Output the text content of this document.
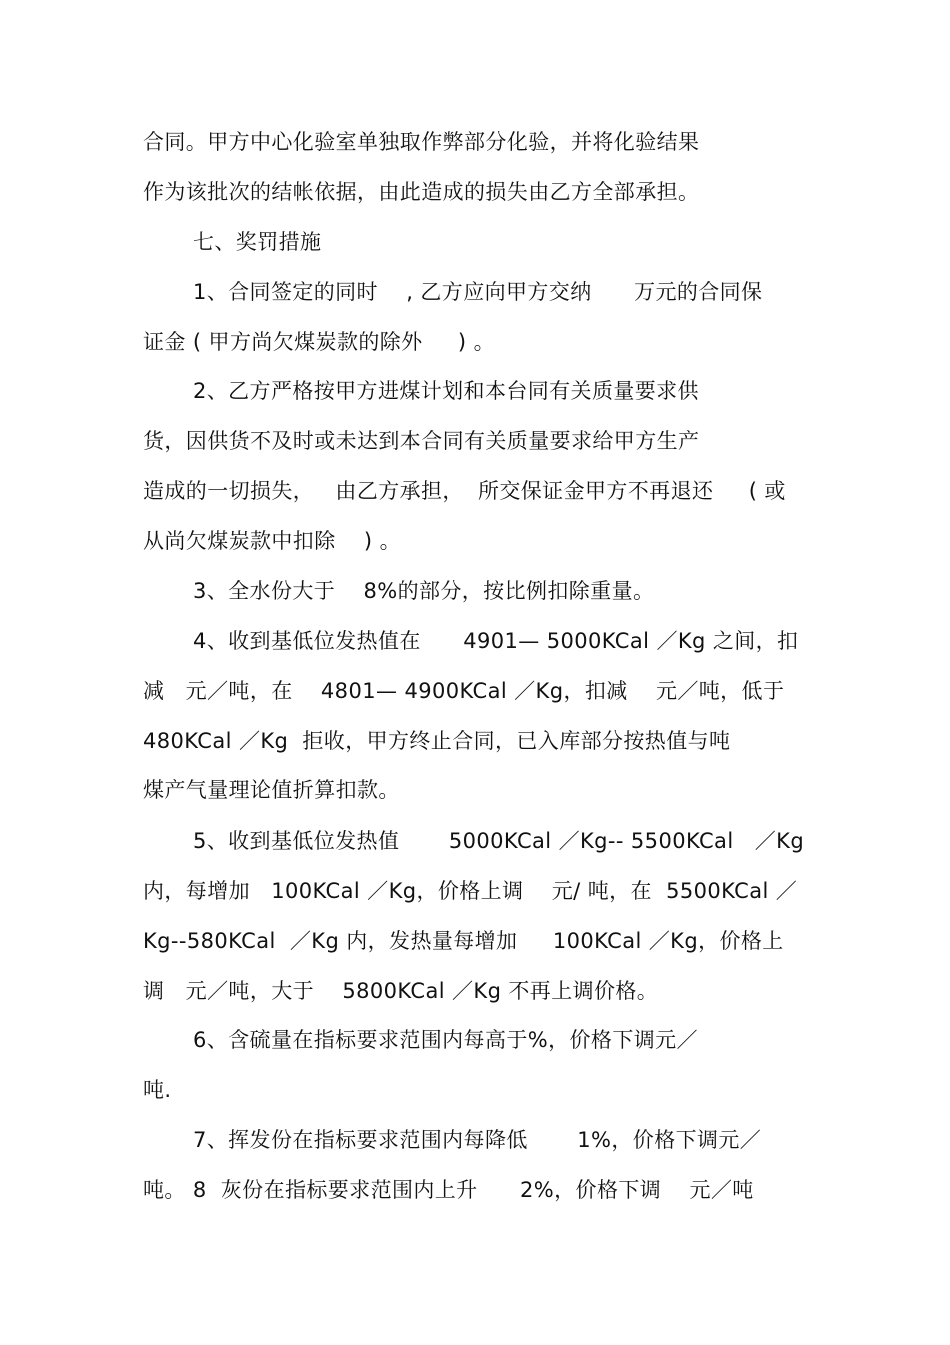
合同。甲方中心化验室单独取作弊部分化验，并将化验结果
作为该批次的结帐依据，由此造成的损失由乙方全部承担。
七、奖罚措施
1、合同签定的同时    , 乙方应向甲方交纳      万元的合同保
证金 ( 甲方尚欠煤炭款的除外     ) 。
2、乙方严格按甲方进煤计划和本台同有关质量要求供
货，因供货不及时或未达到本合同有关质量要求给甲方生产
造成的一切损失，   由乙方承担，  所交保证金甲方不再退还     ( 或
从尚欠煤炭款中扣除    ) 。
3、全水份大于    8%的部分，按比例扣除重量。
4、收到基低位发热值在      4901— 5000KCal ／Kg 之间，扣
减   元／吨，在    4801— 4900KCal ／Kg，扣减    元／吨，低于
480KCal ／Kg  拒收，甲方终止合同，已入库部分按热值与吨
煤产气量理论值折算扣款。
5、收到基低位发热值       5000KCal ／Kg-- 5500KCal   ／Kg
内，每增加   100KCal ／Kg，价格上调    元/ 吨，在  5500KCal ／
Kg--580KCal  ／Kg 内，发热量每增加     100KCal ／Kg，价格上
调   元／吨，大于    5800KCal ／Kg 不再上调价格。
6、含硫量在指标要求范围内每高于%，价格下调元／
吨.
7、挥发份在指标要求范围内每降低       1%，价格下调元／
吨。 8  灰份在指标要求范围内上升      2%，价格下调    元／吨
